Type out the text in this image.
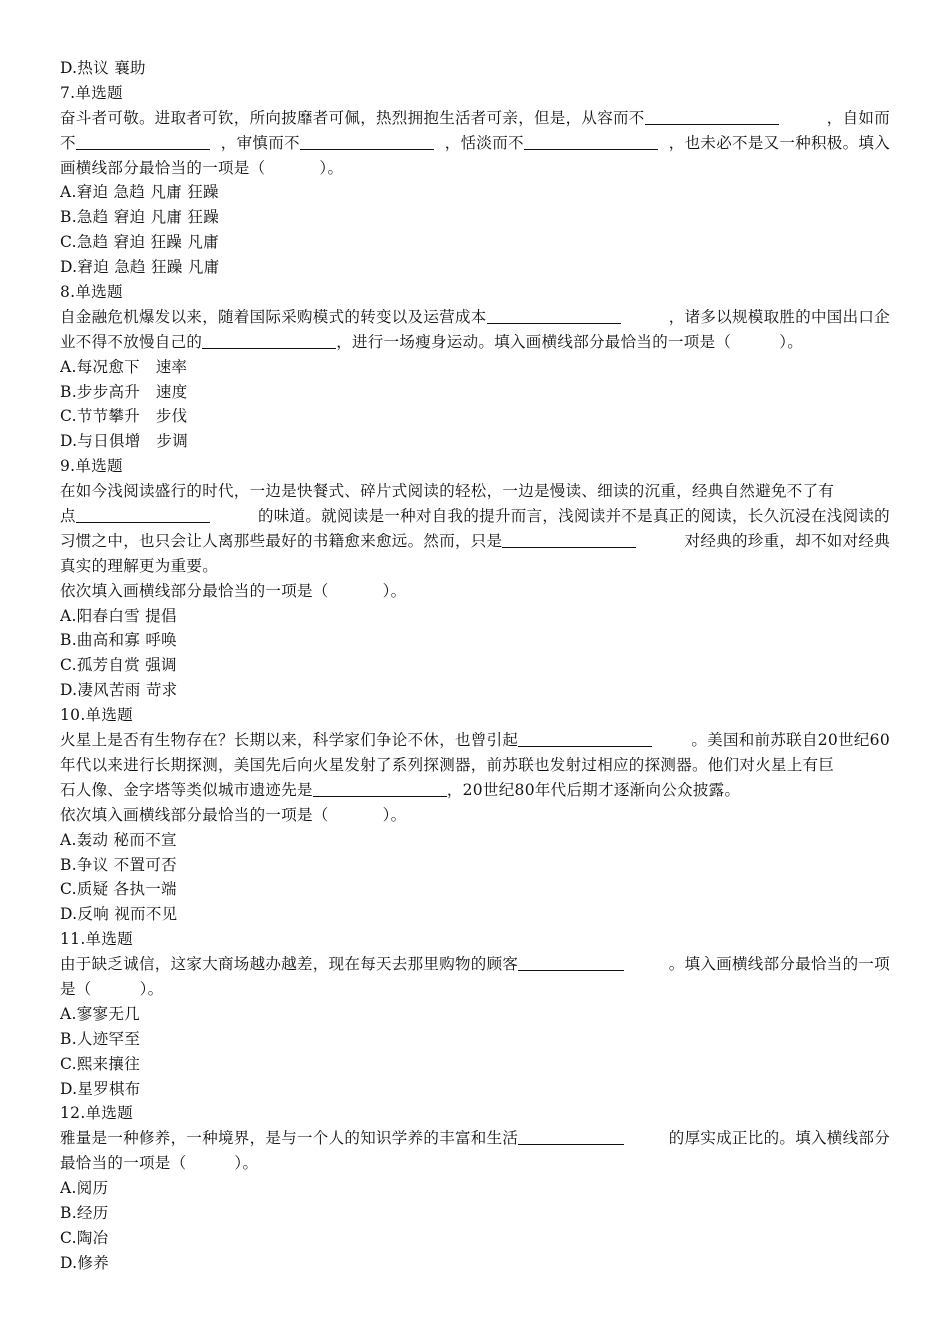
D.热议 襄助
7.单选题
奋斗者可敬。进取者可钦，所向披靡者可佩，热烈拥抱生活者可亲，但是，从容而不	，自如而
不	，审慎而不	，恬淡而不	，也未必不是又一种积极。填入
画横线部分最恰当的一项是（	）。
A.窘迫 急趋 凡庸 狂躁
B.急趋 窘迫 凡庸 狂躁
C.急趋 窘迫 狂躁 凡庸
D.窘迫 急趋 狂躁 凡庸
8.单选题
自金融危机爆发以来，随着国际采购模式的转变以及运营成本	，诸多以规模取胜的中国出口企
业不得不放慢自己的	，进行一场瘦身运动。填入画横线部分最恰当的一项是（	）。
A.每况愈下　速率
B.步步高升　速度
C.节节攀升　步伐
D.与日俱增　步调
9.单选题
在如今浅阅读盛行的时代，一边是快餐式、碎片式阅读的轻松，一边是慢读、细读的沉重，经典自然避免不了有
点	的味道。就阅读是一种对自我的提升而言，浅阅读并不是真正的阅读，长久沉浸在浅阅读的
习惯之中，也只会让人离那些最好的书籍愈来愈远。然而，只是	对经典的珍重，却不如对经典
真实的理解更为重要。
依次填入画横线部分最恰当的一项是（	）。
A.阳春白雪 提倡
B.曲高和寡 呼唤
C.孤芳自赏 强调
D.凄风苦雨 苛求
10.单选题
火星上是否有生物存在？长期以来，科学家们争论不休，也曾引起	。美国和前苏联自20世纪60
年代以来进行长期探测，美国先后向火星发射了系列探测器，前苏联也发射过相应的探测器。他们对火星上有巨
石人像、金字塔等类似城市遗迹先是	，20世纪80年代后期才逐渐向公众披露。
依次填入画横线部分最恰当的一项是（	）。
A.轰动 秘而不宣
B.争议 不置可否
C.质疑 各执一端
D.反响 视而不见
11.单选题
由于缺乏诚信，这家大商场越办越差，现在每天去那里购物的顾客	。填入画横线部分最恰当的一项
是（	）。
A.寥寥无几
B.人迹罕至
C.熙来攘往
D.星罗棋布
12.单选题
雅量是一种修养，一种境界，是与一个人的知识学养的丰富和生活	的厚实成正比的。填入横线部分
最恰当的一项是（	）。
A.阅历
B.经历
C.陶冶
D.修养
